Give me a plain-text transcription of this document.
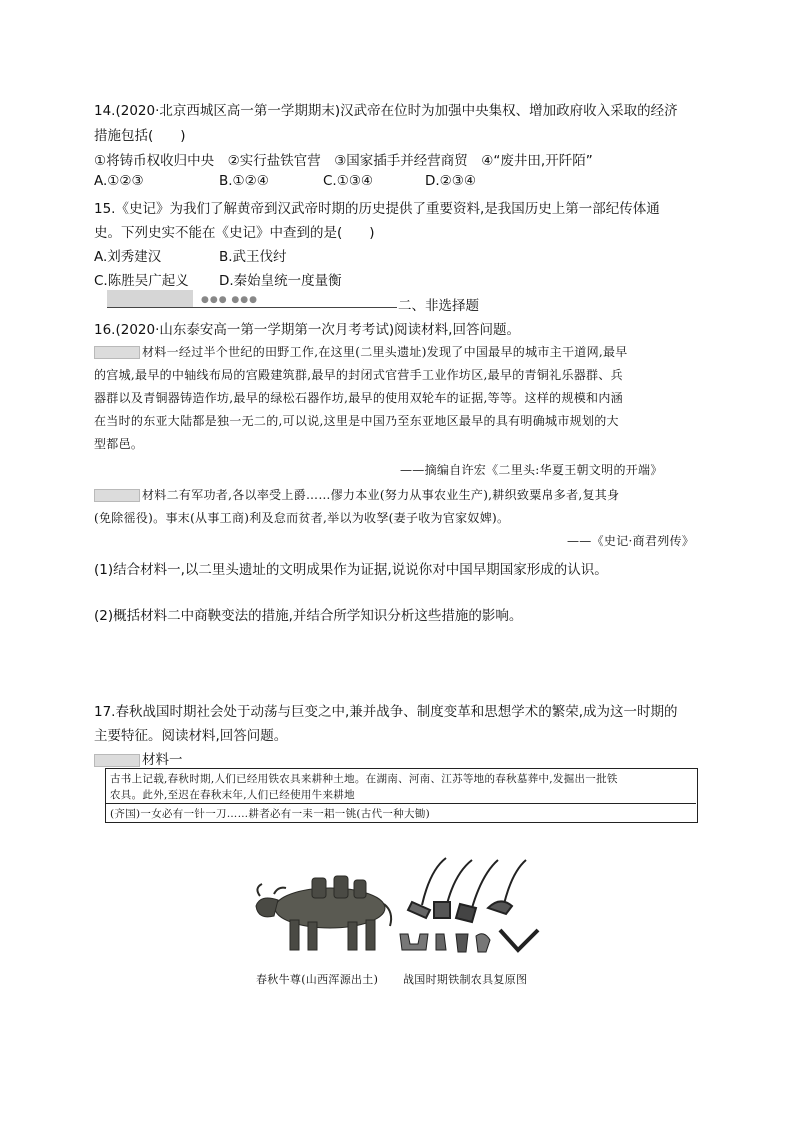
14.(2020·北京西城区高一第一学期期末)汉武帝在位时为加强中央集权、增加政府收入采取的经济
措施包括(　　)
①将铸币权收归中央　②实行盐铁官营　③国家插手并经营商贸　④“废井田,开阡陌”
A.①②③	B.①②④	C.①③④	D.②③④
15.《史记》为我们了解黄帝到汉武帝时期的历史提供了重要资料,是我国历史上第一部纪传体通
史。下列史实不能在《史记》中查到的是(　　)
A.刘秀建汉	B.武王伐纣
C.陈胜吴广起义 D.秦始皇统一度量衡
●●● ●●●	二、非选择题
16.(2020·山东泰安高一第一学期第一次月考考试)阅读材料,回答问题。
材料一经过半个世纪的田野工作,在这里(二里头遗址)发现了中国最早的城市主干道网,最早
的宫城,最早的中轴线布局的宫殿建筑群,最早的封闭式官营手工业作坊区,最早的青铜礼乐器群、兵
器群以及青铜器铸造作坊,最早的绿松石器作坊,最早的使用双轮车的证据,等等。这样的规模和内涵
在当时的东亚大陆都是独一无二的,可以说,这里是中国乃至东亚地区最早的具有明确城市规划的大
型都邑。
——摘编自许宏《二里头:华夏王朝文明的开端》
材料二有军功者,各以率受上爵……僇力本业(努力从事农业生产),耕织致粟帛多者,复其身
(免除徭役)。事末(从事工商)利及怠而贫者,举以为收孥(妻子收为官家奴婢)。
——《史记·商君列传》
(1)结合材料一,以二里头遗址的文明成果作为证据,说说你对中国早期国家形成的认识。
(2)概括材料二中商鞅变法的措施,并结合所学知识分析这些措施的影响。
17.春秋战国时期社会处于动荡与巨变之中,兼并战争、制度变革和思想学术的繁荣,成为这一时期的
主要特征。阅读材料,回答问题。
材料一
古书上记载,春秋时期,人们已经用铁农具来耕种土地。在湖南、河南、江苏等地的春秋墓葬中,发掘出一批铁
农具。此外,至迟在春秋末年,人们已经使用牛来耕地
(齐国)一女必有一针一刀……耕者必有一耒一耜一铫(古代一种大锄)
春秋牛尊(山西浑源出土) 战国时期铁制农具复原图
